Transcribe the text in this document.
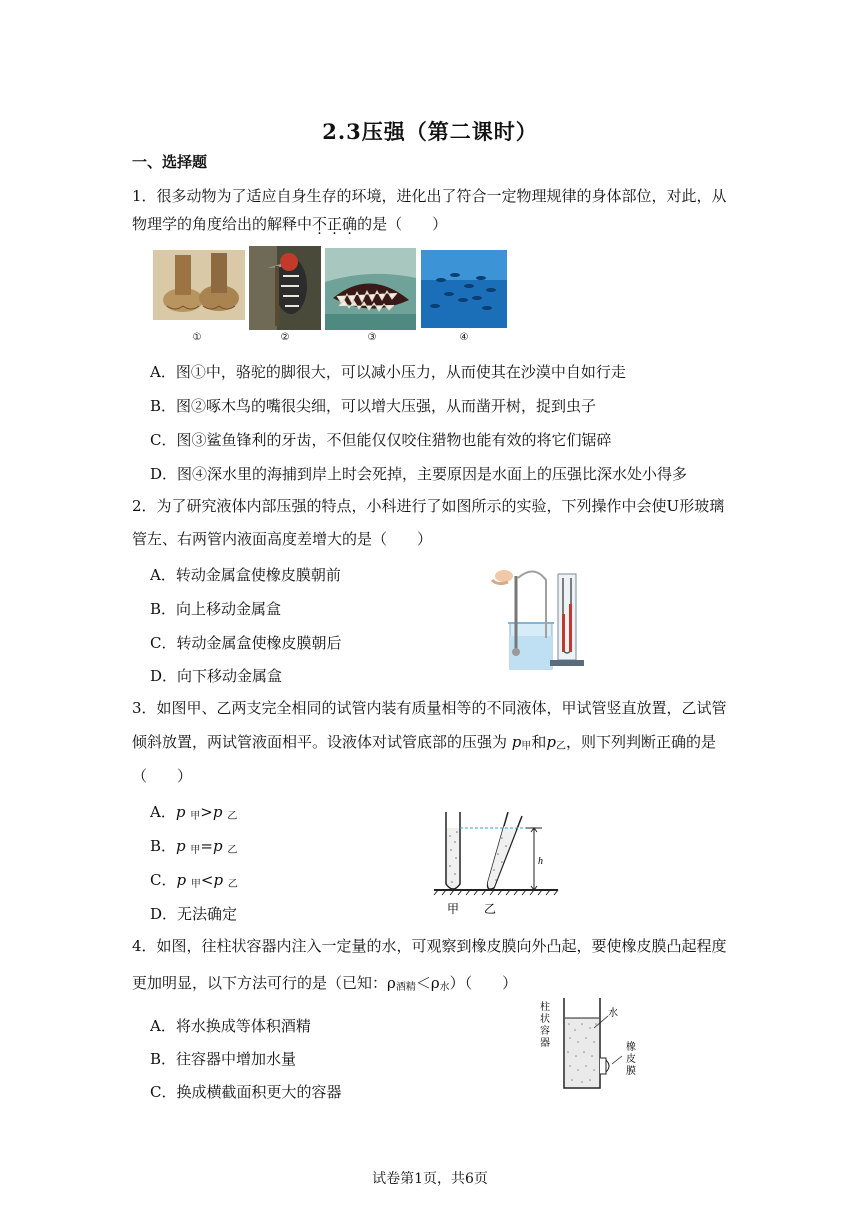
2.3压强（第二课时）
一、选择题
1．很多动物为了适应自身生存的环境，进化出了符合一定物理规律的身体部位，对此，从
物理学的角度给出的解释中不正确的是（　　）
①	②	③	④
A．图①中，骆驼的脚很大，可以减小压力，从而使其在沙漠中自如行走
B．图②啄木鸟的嘴很尖细，可以增大压强，从而凿开树，捉到虫子
C．图③鲨鱼锋利的牙齿，不但能仅仅咬住猎物也能有效的将它们锯碎
D．图④深水里的海捕到岸上时会死掉，主要原因是水面上的压强比深水处小得多
2．为了研究液体内部压强的特点，小科进行了如图所示的实验，下列操作中会使U形玻璃
管左、右两管内液面高度差增大的是（　　）
A．转动金属盒使橡皮膜朝前
B．向上移动金属盒
C．转动金属盒使橡皮膜朝后
D．向下移动金属盒
3．如图甲、乙两支完全相同的试管内装有质量相等的不同液体，甲试管竖直放置，乙试管
倾斜放置，两试管液面相平。设液体对试管底部的压强为 $p_甲$和$p_乙$，则下列判断正确的是
（　　）
A．p $_甲$>p $_乙$
B．p $_甲$=p $_乙$
C．p $_甲$<p $_乙$
D．无法确定
h
甲 乙
4．如图，往柱状容器内注入一定量的水，可观察到橡皮膜向外凸起，要使橡皮膜凸起程度
更加明显，以下方法可行的是（已知：$\rho_{酒精}<\rho_水$）（　　）
A．将水换成等体积酒精
B．往容器中增加水量
C．换成横截面积更大的容器
柱
状
容
器
水
橡
皮
膜
试卷第1页，共6页
